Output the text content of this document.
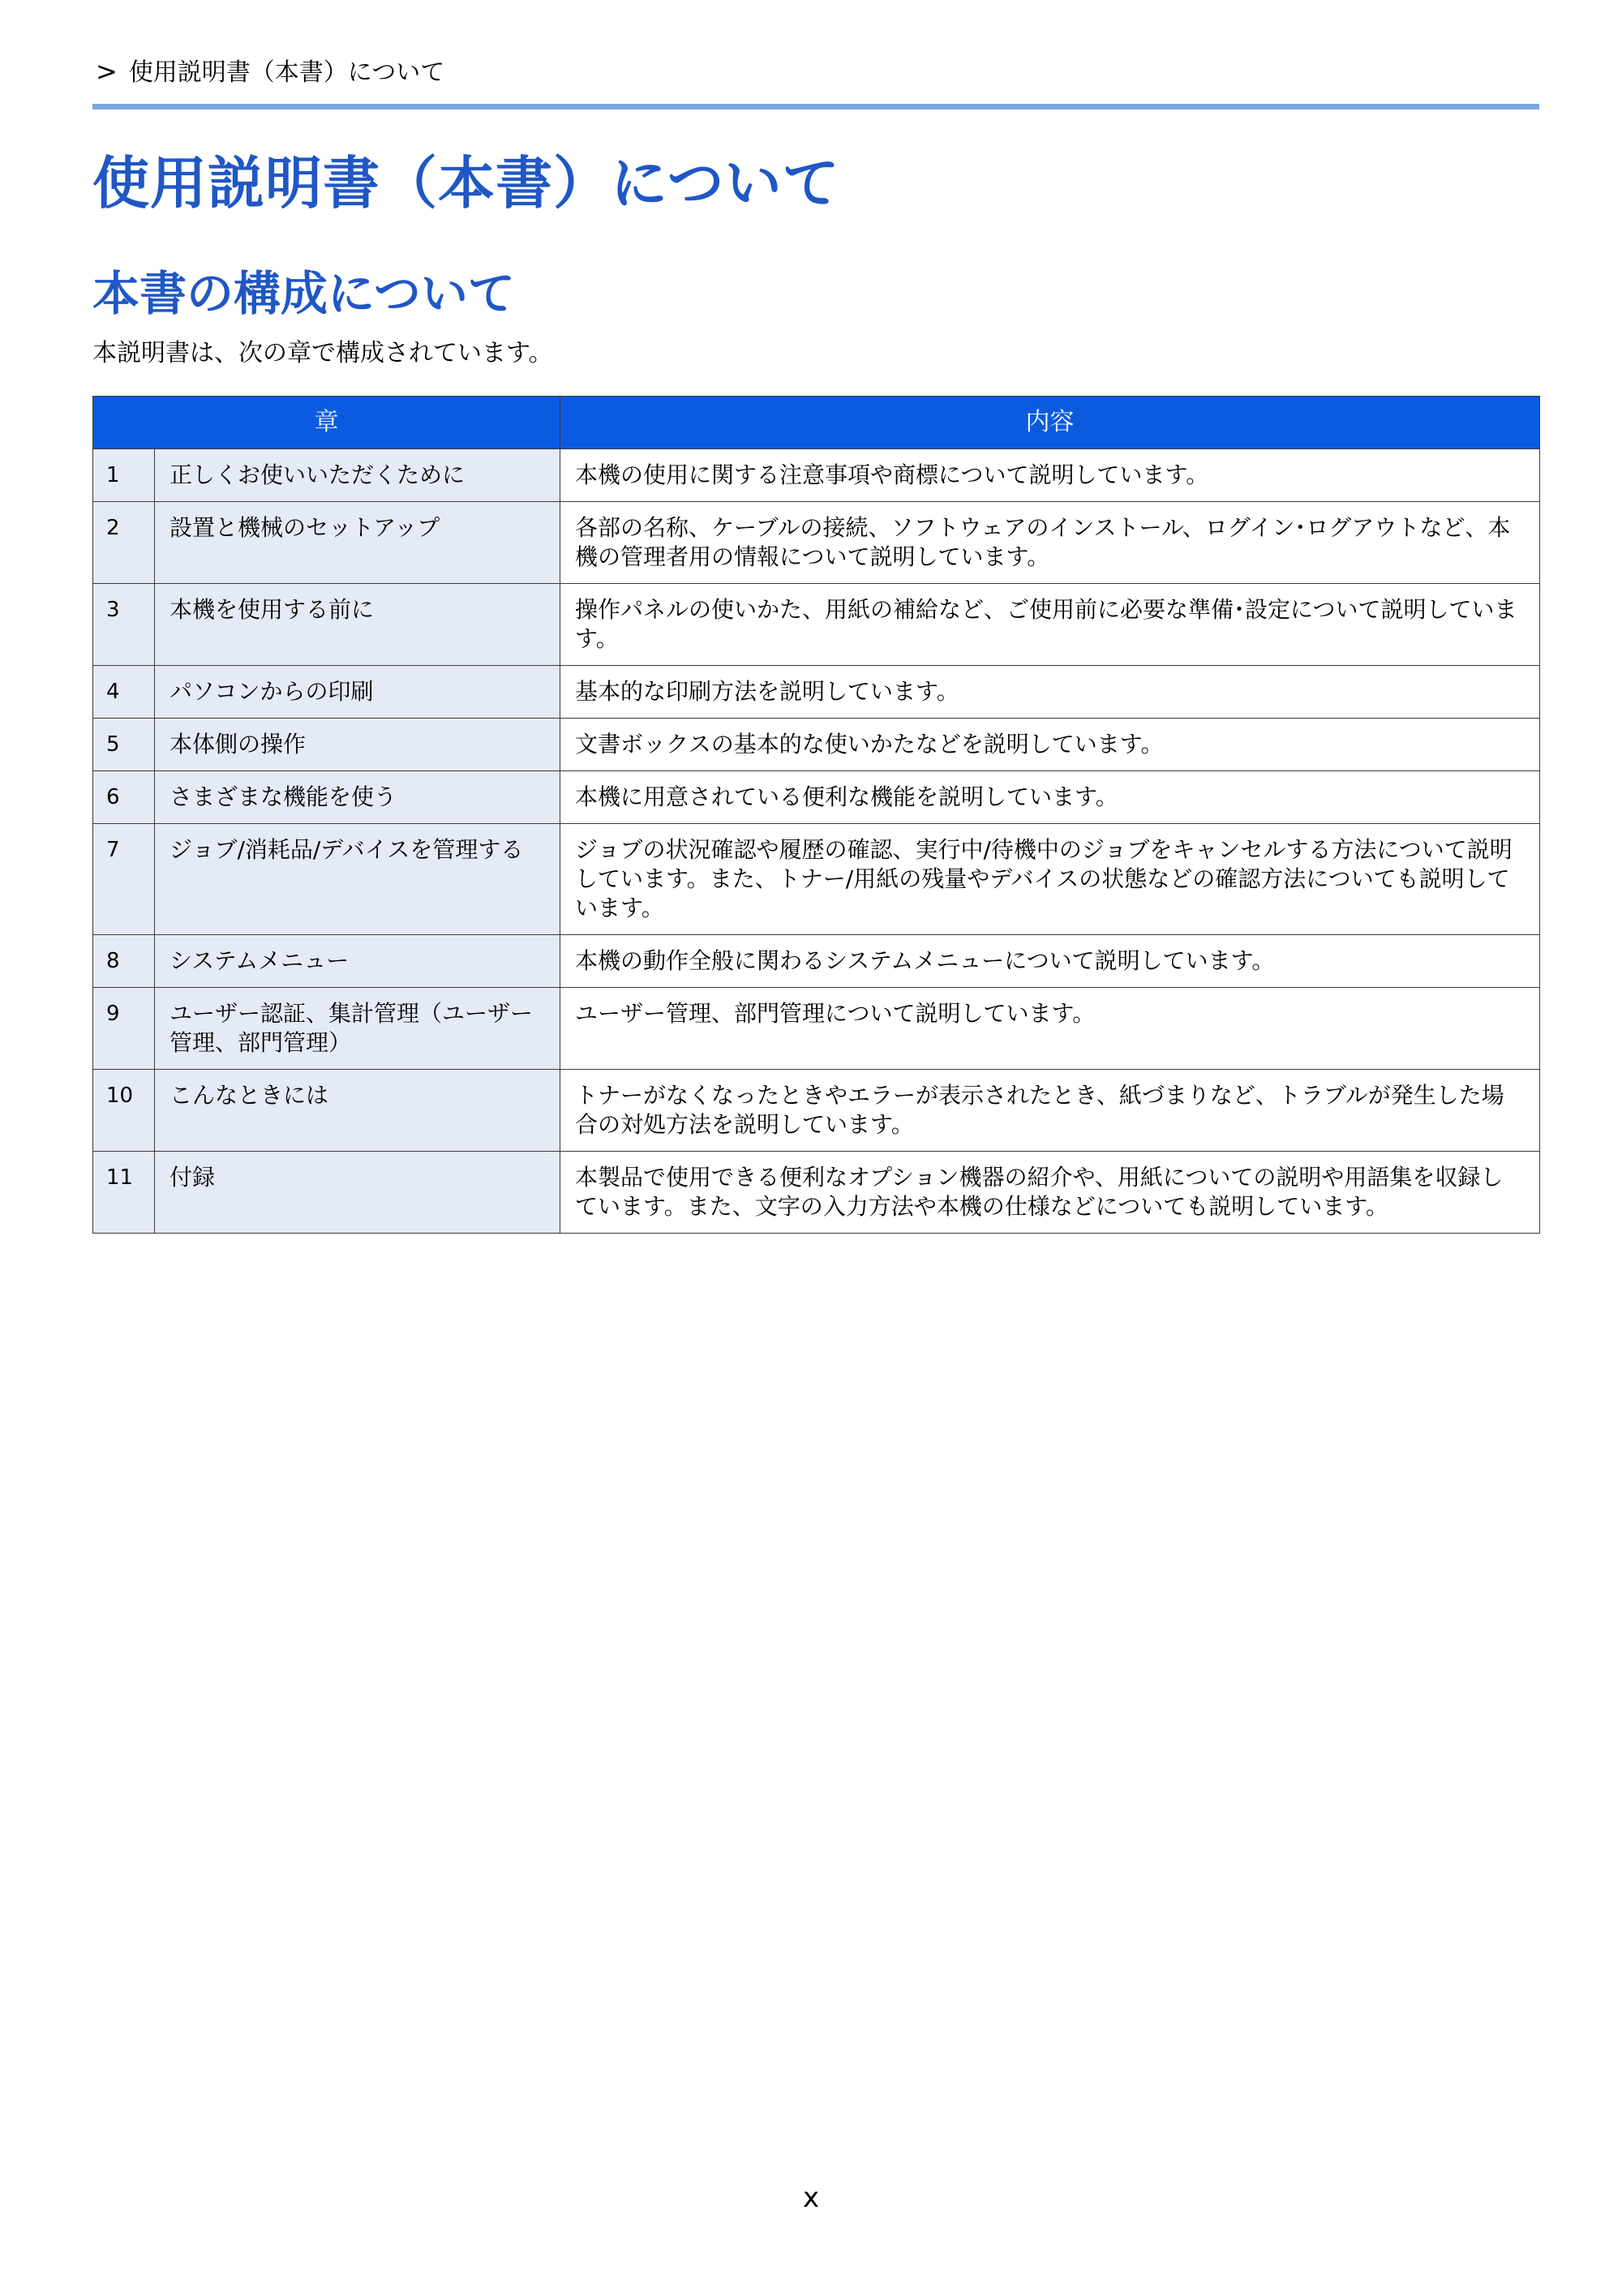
> 使用説明書（本書）について
使用説明書（本書）について
本書の構成について

本説明書は、次の章で構成されています。

章		内容
1	正しくお使いいただくために	本機の使用に関する注意事項や商標について説明しています。
2	設置と機械のセットアップ	各部の名称、ケーブルの接続、ソフトウェアのインストール、ログイン･ログアウトなど、本機の管理者用の情報について説明しています。
3	本機を使用する前に	操作パネルの使いかた、用紙の補給など、ご使用前に必要な準備･設定について説明しています。
4	パソコンからの印刷	基本的な印刷方法を説明しています。
5	本体側の操作	文書ボックスの基本的な使いかたなどを説明しています。
6	さまざまな機能を使う	本機に用意されている便利な機能を説明しています。
7	ジョブ/消耗品/デバイスを管理する	ジョブの状況確認や履歴の確認、実行中/待機中のジョブをキャンセルする方法について説明しています。また、トナー/用紙の残量やデバイスの状態などの確認方法についても説明しています。
8	システムメニュー	本機の動作全般に関わるシステムメニューについて説明しています。
9	ユーザー認証、集計管理（ユーザー管理、部門管理）	ユーザー管理、部門管理について説明しています。
10	こんなときには	トナーがなくなったときやエラーが表示されたとき、紙づまりなど、トラブルが発生した場合の対処方法を説明しています。
11	付録	本製品で使用できる便利なオプション機器の紹介や、用紙についての説明や用語集を収録しています。また、文字の入力方法や本機の仕様などについても説明しています。
x
